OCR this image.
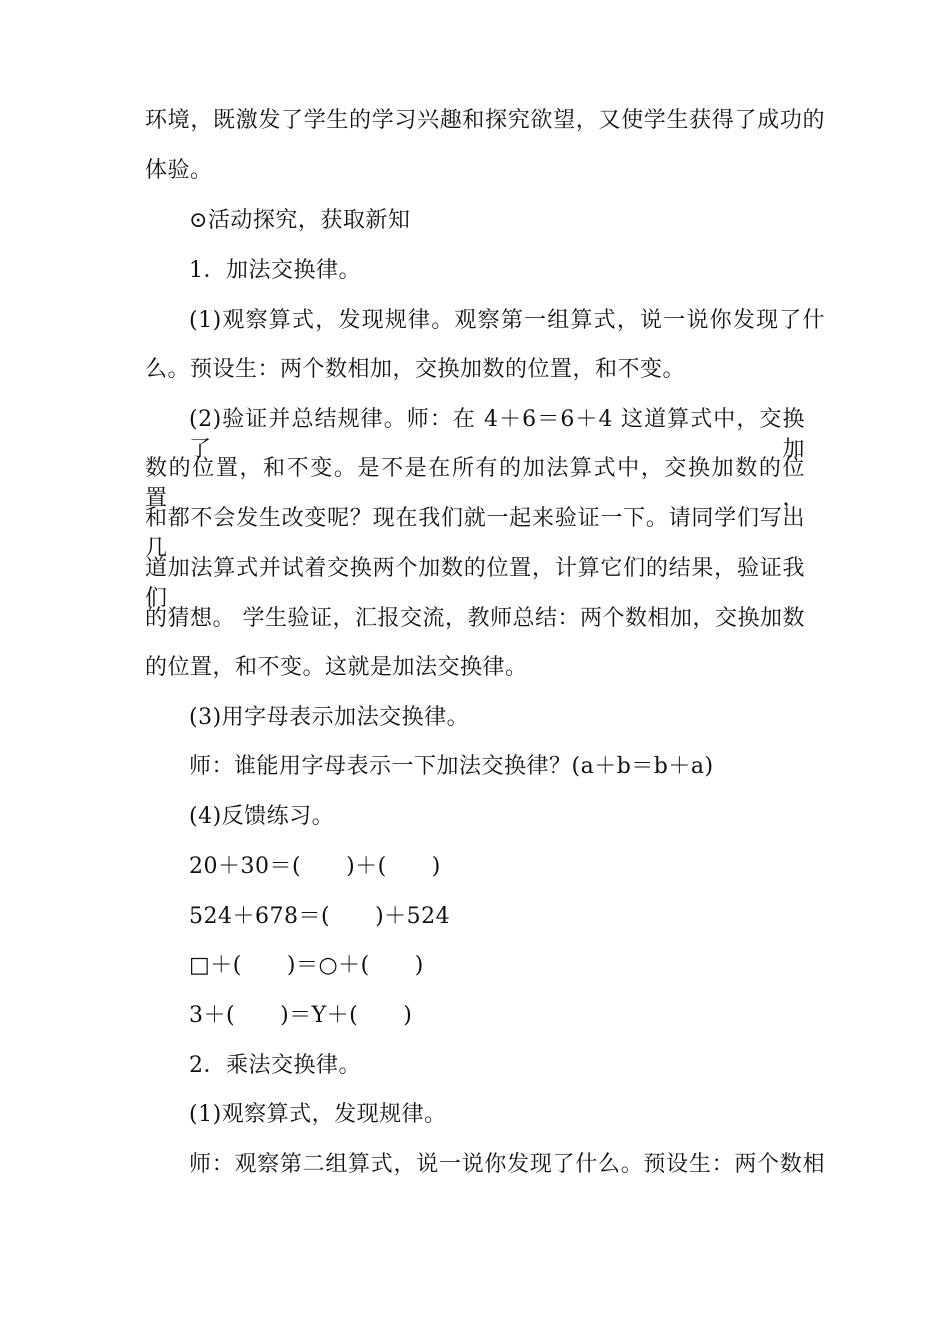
环境，既激发了学生的学习兴趣和探究欲望，又使学生获得了成功的
体验。
⊙活动探究，获取新知
1．加法交换律。
(1)观察算式，发现规律。观察第一组算式，说一说你发现了什
么。预设生：两个数相加，交换加数的位置，和不变。
(2)验证并总结规律。师：在 4＋6＝6＋4 这道算式中，交换了加
数的位置，和不变。是不是在所有的加法算式中，交换加数的位置，
和都不会发生改变呢？现在我们就一起来验证一下。请同学们写出几
道加法算式并试着交换两个加数的位置，计算它们的结果，验证我们
的猜想。 学生验证，汇报交流，教师总结：两个数相加，交换加数
的位置，和不变。这就是加法交换律。
(3)用字母表示加法交换律。
师：谁能用字母表示一下加法交换律？(a＋b＝b＋a)
(4)反馈练习。
20＋30＝(　　)＋(　　)
524＋678＝(　　)＋524
□＋(　　)＝○＋(　　)
3＋(　　)＝Y＋(　　)
2．乘法交换律。
(1)观察算式，发现规律。
师：观察第二组算式，说一说你发现了什么。预设生：两个数相
